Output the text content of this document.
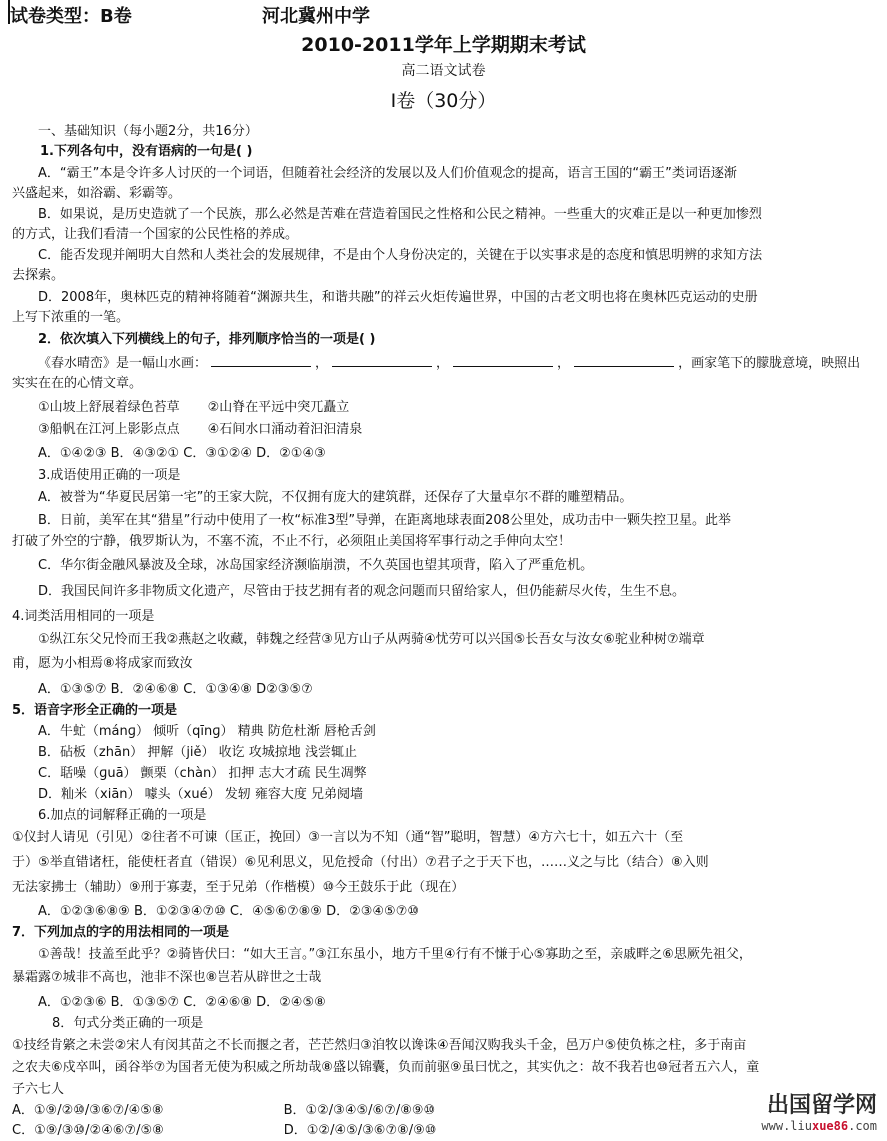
试卷类型：B卷	河北冀州中学
2010-2011学年上学期期末考试
高二语文试卷
I卷（30分）
一、基础知识（每小题2分，共16分）
1.下列各句中，没有语病的一句是( )
A．“霸王”本是令许多人讨厌的一个词语，但随着社会经济的发展以及人们价值观念的提高，语言王国的“霸王”类词语逐渐
兴盛起来，如浴霸、彩霸等。
B．如果说，是历史造就了一个民族，那么必然是苦难在营造着国民之性格和公民之精神。一些重大的灾难正是以一种更加惨烈
的方式，让我们看清一个国家的公民性格的养成。
C．能否发现并阐明大自然和人类社会的发展规律，不是由个人身份决定的，关键在于以实事求是的态度和慎思明辨的求知方法
去探索。
D．2008年，奥林匹克的精神将随着“渊源共生，和谐共融”的祥云火炬传遍世界，中国的古老文明也将在奥林匹克运动的史册
上写下浓重的一笔。
2．依次填入下列横线上的句子，排列顺序恰当的一项是( )
《春水晴峦》是一幅山水画：	，	，	，	，画家笔下的朦胧意境，映照出
实实在在的心情文章。
①山坡上舒展着绿色苔草 ②山脊在平远中突兀矗立
③船帆在江河上影影点点 ④石间水口涌动着汩汩清泉
A．①④②③ B．④③②① C．③①②④ D．②①④③
3.成语使用正确的一项是
A．被誉为“华夏民居第一宅”的王家大院，不仅拥有庞大的建筑群，还保存了大量卓尔不群的雕塑精品。
B．日前，美军在其“猎星”行动中使用了一枚“标准3型”导弹，在距离地球表面208公里处，成功击中一颗失控卫星。此举
打破了外空的宁静，俄罗斯认为，不塞不流，不止不行，必须阻止美国将军事行动之手伸向太空！
C．华尔街金融风暴波及全球，冰岛国家经济濒临崩溃，不久英国也望其项背，陷入了严重危机。
D．我国民间许多非物质文化遗产，尽管由于技艺拥有者的观念问题而只留给家人，但仍能薪尽火传，生生不息。
4.词类活用相同的一项是
①纵江东父兄怜而王我②燕赵之收藏，韩魏之经营③见方山子从两骑④忧劳可以兴国⑤长吾女与汝女⑥驼业种树⑦端章
甫，愿为小相焉⑧将成家而致汝
A．①③⑤⑦ B．②④⑥⑧ C．①③④⑧ D②③⑤⑦
5．语音字形全正确的一项是
A．牛虻（mánɡ） 倾听（qīnɡ） 精典 防危杜渐 唇枪舌剑
B．砧板（zhān） 押解（jiě） 收讫 攻城掠地 浅尝辄止
C．聒噪（ɡuā） 颤栗（chàn） 扣押 志大才疏 民生凋弊
D．籼米（xiān） 噱头（xué） 发轫 雍容大度 兄弟阋墙
6.加点的词解释正确的一项是
①仪封人请见（引见）②往者不可谏（匡正，挽回）③一言以为不知（通“智”聪明，智慧）④方六七十，如五六十（至
于）⑤举直错诸枉，能使枉者直（错误）⑥见利思义，见危授命（付出）⑦君子之于天下也，……义之与比（结合）⑧入则
无法家拂士（辅助）⑨刑于寡妻，至于兄弟（作楷模）⑩今王鼓乐于此（现在）
A．①②③⑥⑧⑨ B．①②③④⑦⑩ C．④⑤⑥⑦⑧⑨ D．②③④⑤⑦⑩
7．下列加点的字的用法相同的一项是
①善哉！技盖至此乎？②骑皆伏曰：“如大王言。”③江东虽小，地方千里④行有不慊于心⑤寡助之至，亲戚畔之⑥思厥先祖父，
暴霜露⑦城非不高也，池非不深也⑧岂若从辟世之士哉
A．①②③⑥ B．①③⑤⑦ C．②④⑥⑧ D．②④⑤⑧
8．句式分类正确的一项是
①技经肯綮之未尝②宋人有闵其苗之不长而揠之者，芒芒然归③洎牧以谗诛④吾闻汉购我头千金，邑万户⑤使负栋之柱，多于南亩
之农夫⑥戍卒叫，函谷举⑦为国者无使为积威之所劫哉⑧盛以锦囊，负而前驱⑨虽曰忧之，其实仇之：故不我若也⑩冠者五六人，童
子六七人
A．①⑨/②⑩/③⑥⑦/④⑤⑧	B．①②/③④⑤/⑥⑦/⑧⑨⑩
C．①⑨/③⑩/②④⑥⑦/⑤⑧	D．①②/④⑤/③⑥⑦⑧/⑨⑩
出国留学网
www.liuxue86.com
